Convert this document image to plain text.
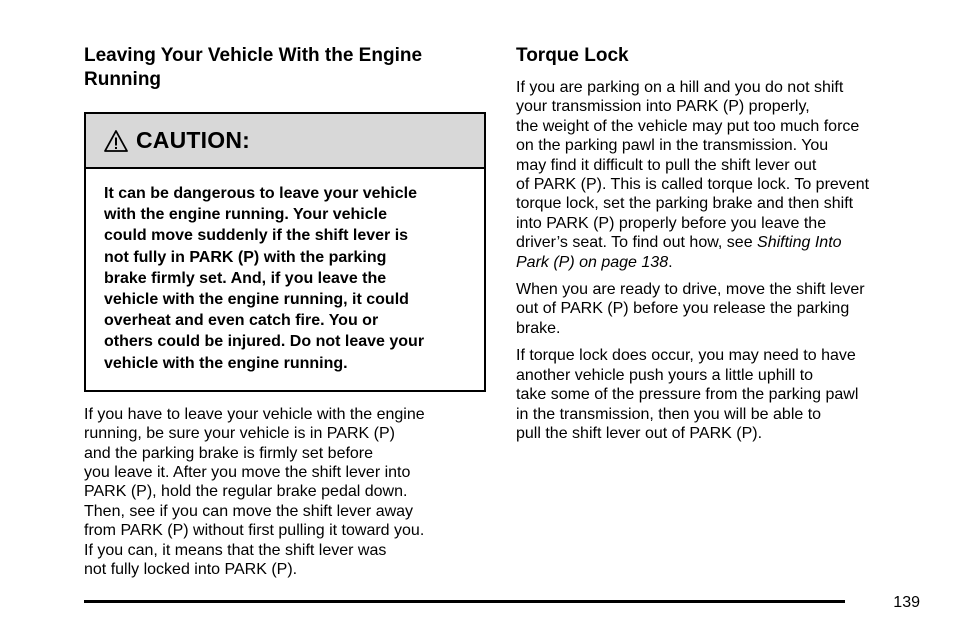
Leaving Your Vehicle With the Engine
Running
CAUTION:
It can be dangerous to leave your vehicle
with the engine running. Your vehicle
could move suddenly if the shift lever is
not fully in PARK (P) with the parking
brake firmly set. And, if you leave the
vehicle with the engine running, it could
overheat and even catch fire. You or
others could be injured. Do not leave your
vehicle with the engine running.
If you have to leave your vehicle with the engine
running, be sure your vehicle is in PARK (P)
and the parking brake is firmly set before
you leave it. After you move the shift lever into
PARK (P), hold the regular brake pedal down.
Then, see if you can move the shift lever away
from PARK (P) without first pulling it toward you.
If you can, it means that the shift lever was
not fully locked into PARK (P).
Torque Lock
If you are parking on a hill and you do not shift
your transmission into PARK (P) properly,
the weight of the vehicle may put too much force
on the parking pawl in the transmission. You
may find it difficult to pull the shift lever out
of PARK (P). This is called torque lock. To prevent
torque lock, set the parking brake and then shift
into PARK (P) properly before you leave the
driver’s seat. To find out how, see Shifting Into
Park (P) on page 138.
When you are ready to drive, move the shift lever
out of PARK (P) before you release the parking
brake.
If torque lock does occur, you may need to have
another vehicle push yours a little uphill to
take some of the pressure from the parking pawl
in the transmission, then you will be able to
pull the shift lever out of PARK (P).
139
